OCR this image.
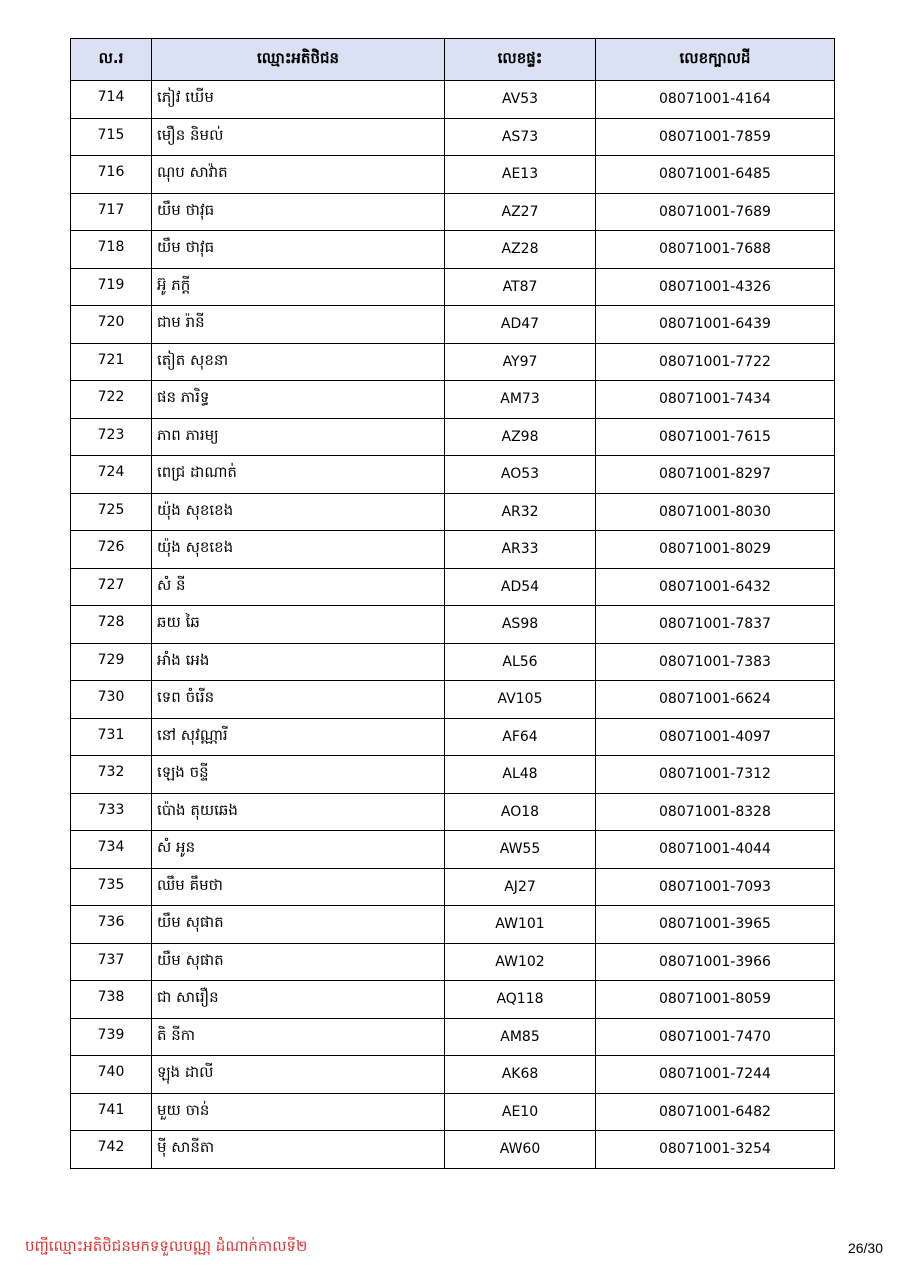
ល.រ	ឈ្មោះអតិថិជន	លេខផ្ទះ	លេខក្បាលដី
714	ភៀវ ឃើម	AV53	08071001-4164
715	មឿន និមល់	AS73	08071001-7859
716	ណុប សាវ៉ាត	AE13	08071001-6485
717	យឹម ថាវុធ	AZ27	08071001-7689
718	យឹម ថាវុធ	AZ28	08071001-7688
719	អ៊ូ ភក្តី	AT87	08071001-4326
720	ជាម រ៉ានី	AD47	08071001-6439
721	តៀត សុខនា	AY97	08071001-7722
722	ផន ភារិទ្ធ	AM73	08071001-7434
723	ភាព ភារម្យ	AZ98	08071001-7615
724	ពេជ្រ ដាណាត់	AO53	08071001-8297
725	យ៉ុង សុខខេង	AR32	08071001-8030
726	យ៉ុង សុខខេង	AR33	08071001-8029
727	សំ នី	AD54	08071001-6432
728	ឆយ ឆៃ	AS98	08071001-7837
729	អាំង អេង	AL56	08071001-7383
730	ទេព ចំរើន	AV105	08071001-6624
731	នៅ សុវណ្ណារី	AF64	08071001-4097
732	ឡេង ចន្ទី	AL48	08071001-7312
733	ប៉ោង តុយឆេង	AO18	08071001-8328
734	សំ អូន	AW55	08071001-4044
735	ឈឹម គឹមថា	AJ27	08071001-7093
736	យឹម សុផាត	AW101	08071001-3965
737	យឹម សុផាត	AW102	08071001-3966
738	ជា សារឿន	AQ118	08071001-8059
739	តិ នីកា	AM85	08071001-7470
740	ឡុង ដាលី	AK68	08071001-7244
741	មួយ ចាន់	AE10	08071001-6482
742	ម៉ី សានីតា	AW60	08071001-3254
បញ្ជីឈ្មោះអតិថិជនមកទទួលបណ្ណ ដំណាក់កាលទី២	26/30
